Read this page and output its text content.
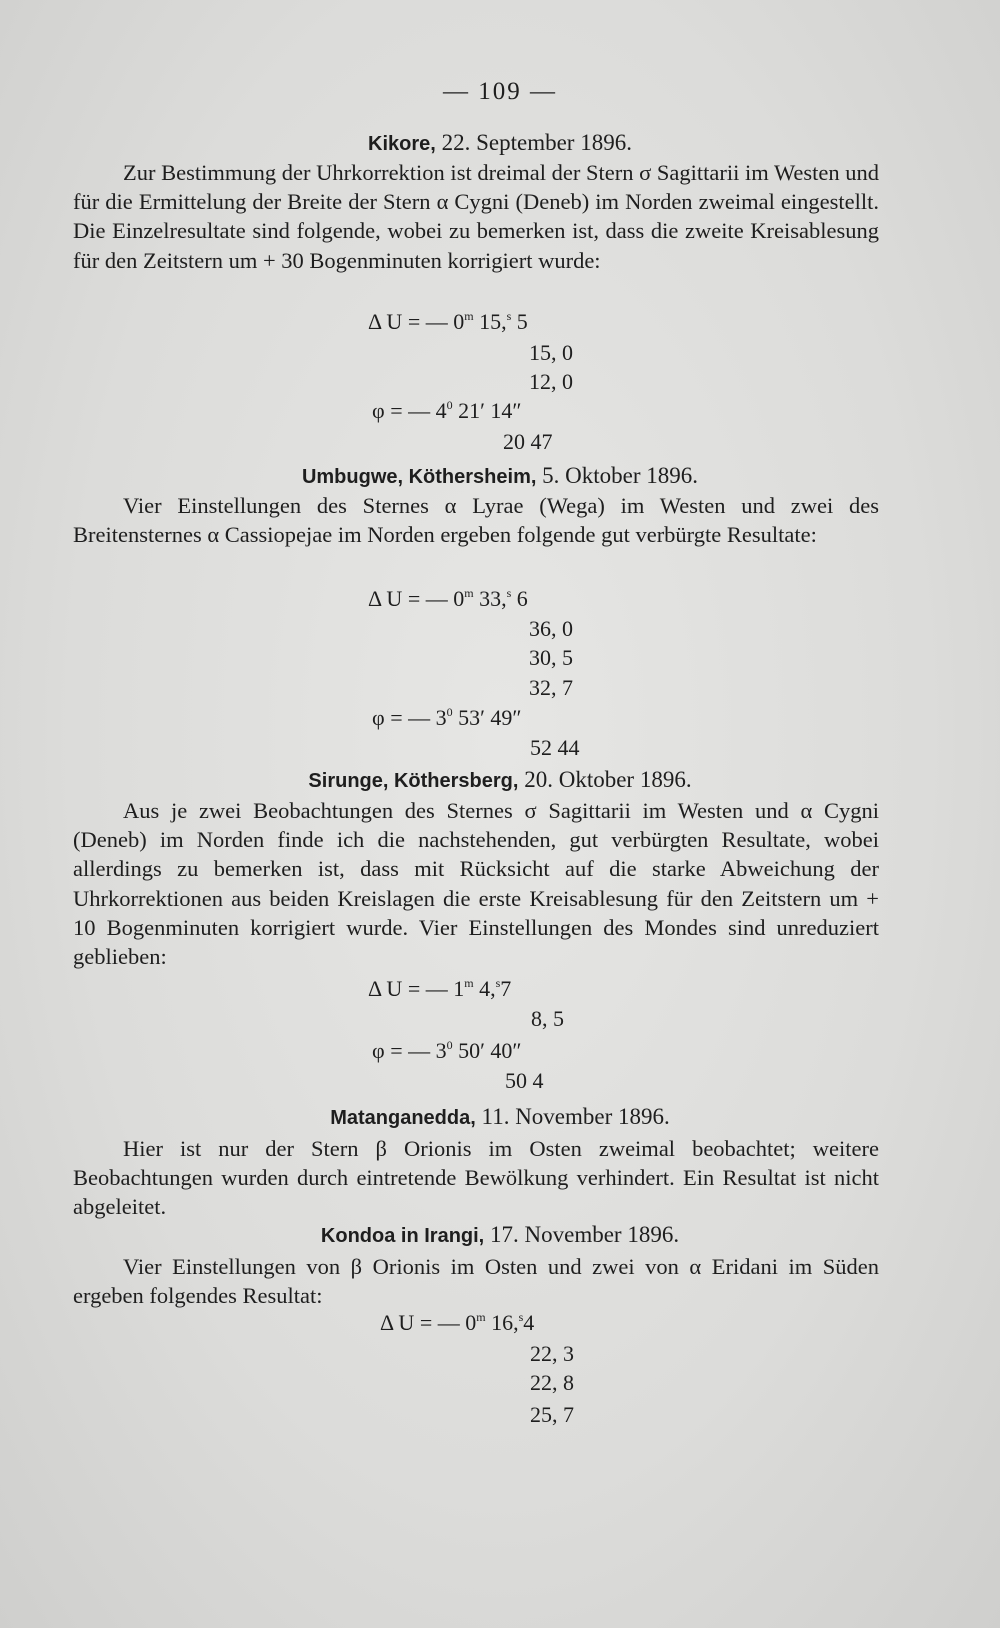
— 109 —
Kikore, 22. September 1896.
Zur Bestimmung der Uhrkorrektion ist dreimal der Stern σ Sagittarii im Westen und für die Ermittelung der Breite der Stern α Cygni (Deneb) im Norden zweimal eingestellt. Die Einzelresultate sind folgende, wobei zu bemerken ist, dass die zweite Kreisablesung für den Zeitstern um + 30 Bogenminuten korrigiert wurde:
Δ U = — 0$^m$ 15,$^s$ 5
15, 0
12, 0
φ = — $4^0$ 21′ 14″
20 47
Umbugwe, Köthersheim, 5. Oktober 1896.
Vier Einstellungen des Sternes α Lyrae (Wega) im Westen und zwei des Breitensternes α Cassiopejae im Norden ergeben folgende gut verbürgte Resultate:
Δ U = — 0$^m$ 33,$^s$ 6
36, 0
30, 5
32, 7
φ = — $3^0$ 53′ 49″
52 44
Sirunge, Köthersberg, 20. Oktober 1896.
Aus je zwei Beobachtungen des Sternes σ Sagittarii im Westen und α Cygni (Deneb) im Norden finde ich die nachstehenden, gut verbürgten Resultate, wobei allerdings zu bemerken ist, dass mit Rücksicht auf die starke Abweichung der Uhrkorrektionen aus beiden Kreislagen die erste Kreisablesung für den Zeitstern um + 10 Bogenminuten korrigiert wurde. Vier Einstellungen des Mondes sind unreduziert geblieben:
Δ U = — 1$^m$ 4,$^s$7
8, 5
φ = — $3^0$ 50′ 40″
50 4
Matanganedda, 11. November 1896.
Hier ist nur der Stern β Orionis im Osten zweimal beobachtet; weitere Beobachtungen wurden durch eintretende Bewölkung verhindert. Ein Resultat ist nicht abgeleitet.
Kondoa in Irangi, 17. November 1896.
Vier Einstellungen von β Orionis im Osten und zwei von α Eridani im Süden ergeben folgendes Resultat:
Δ U = — 0$^m$ 16,$^s$4
22, 3
22, 8
25, 7
